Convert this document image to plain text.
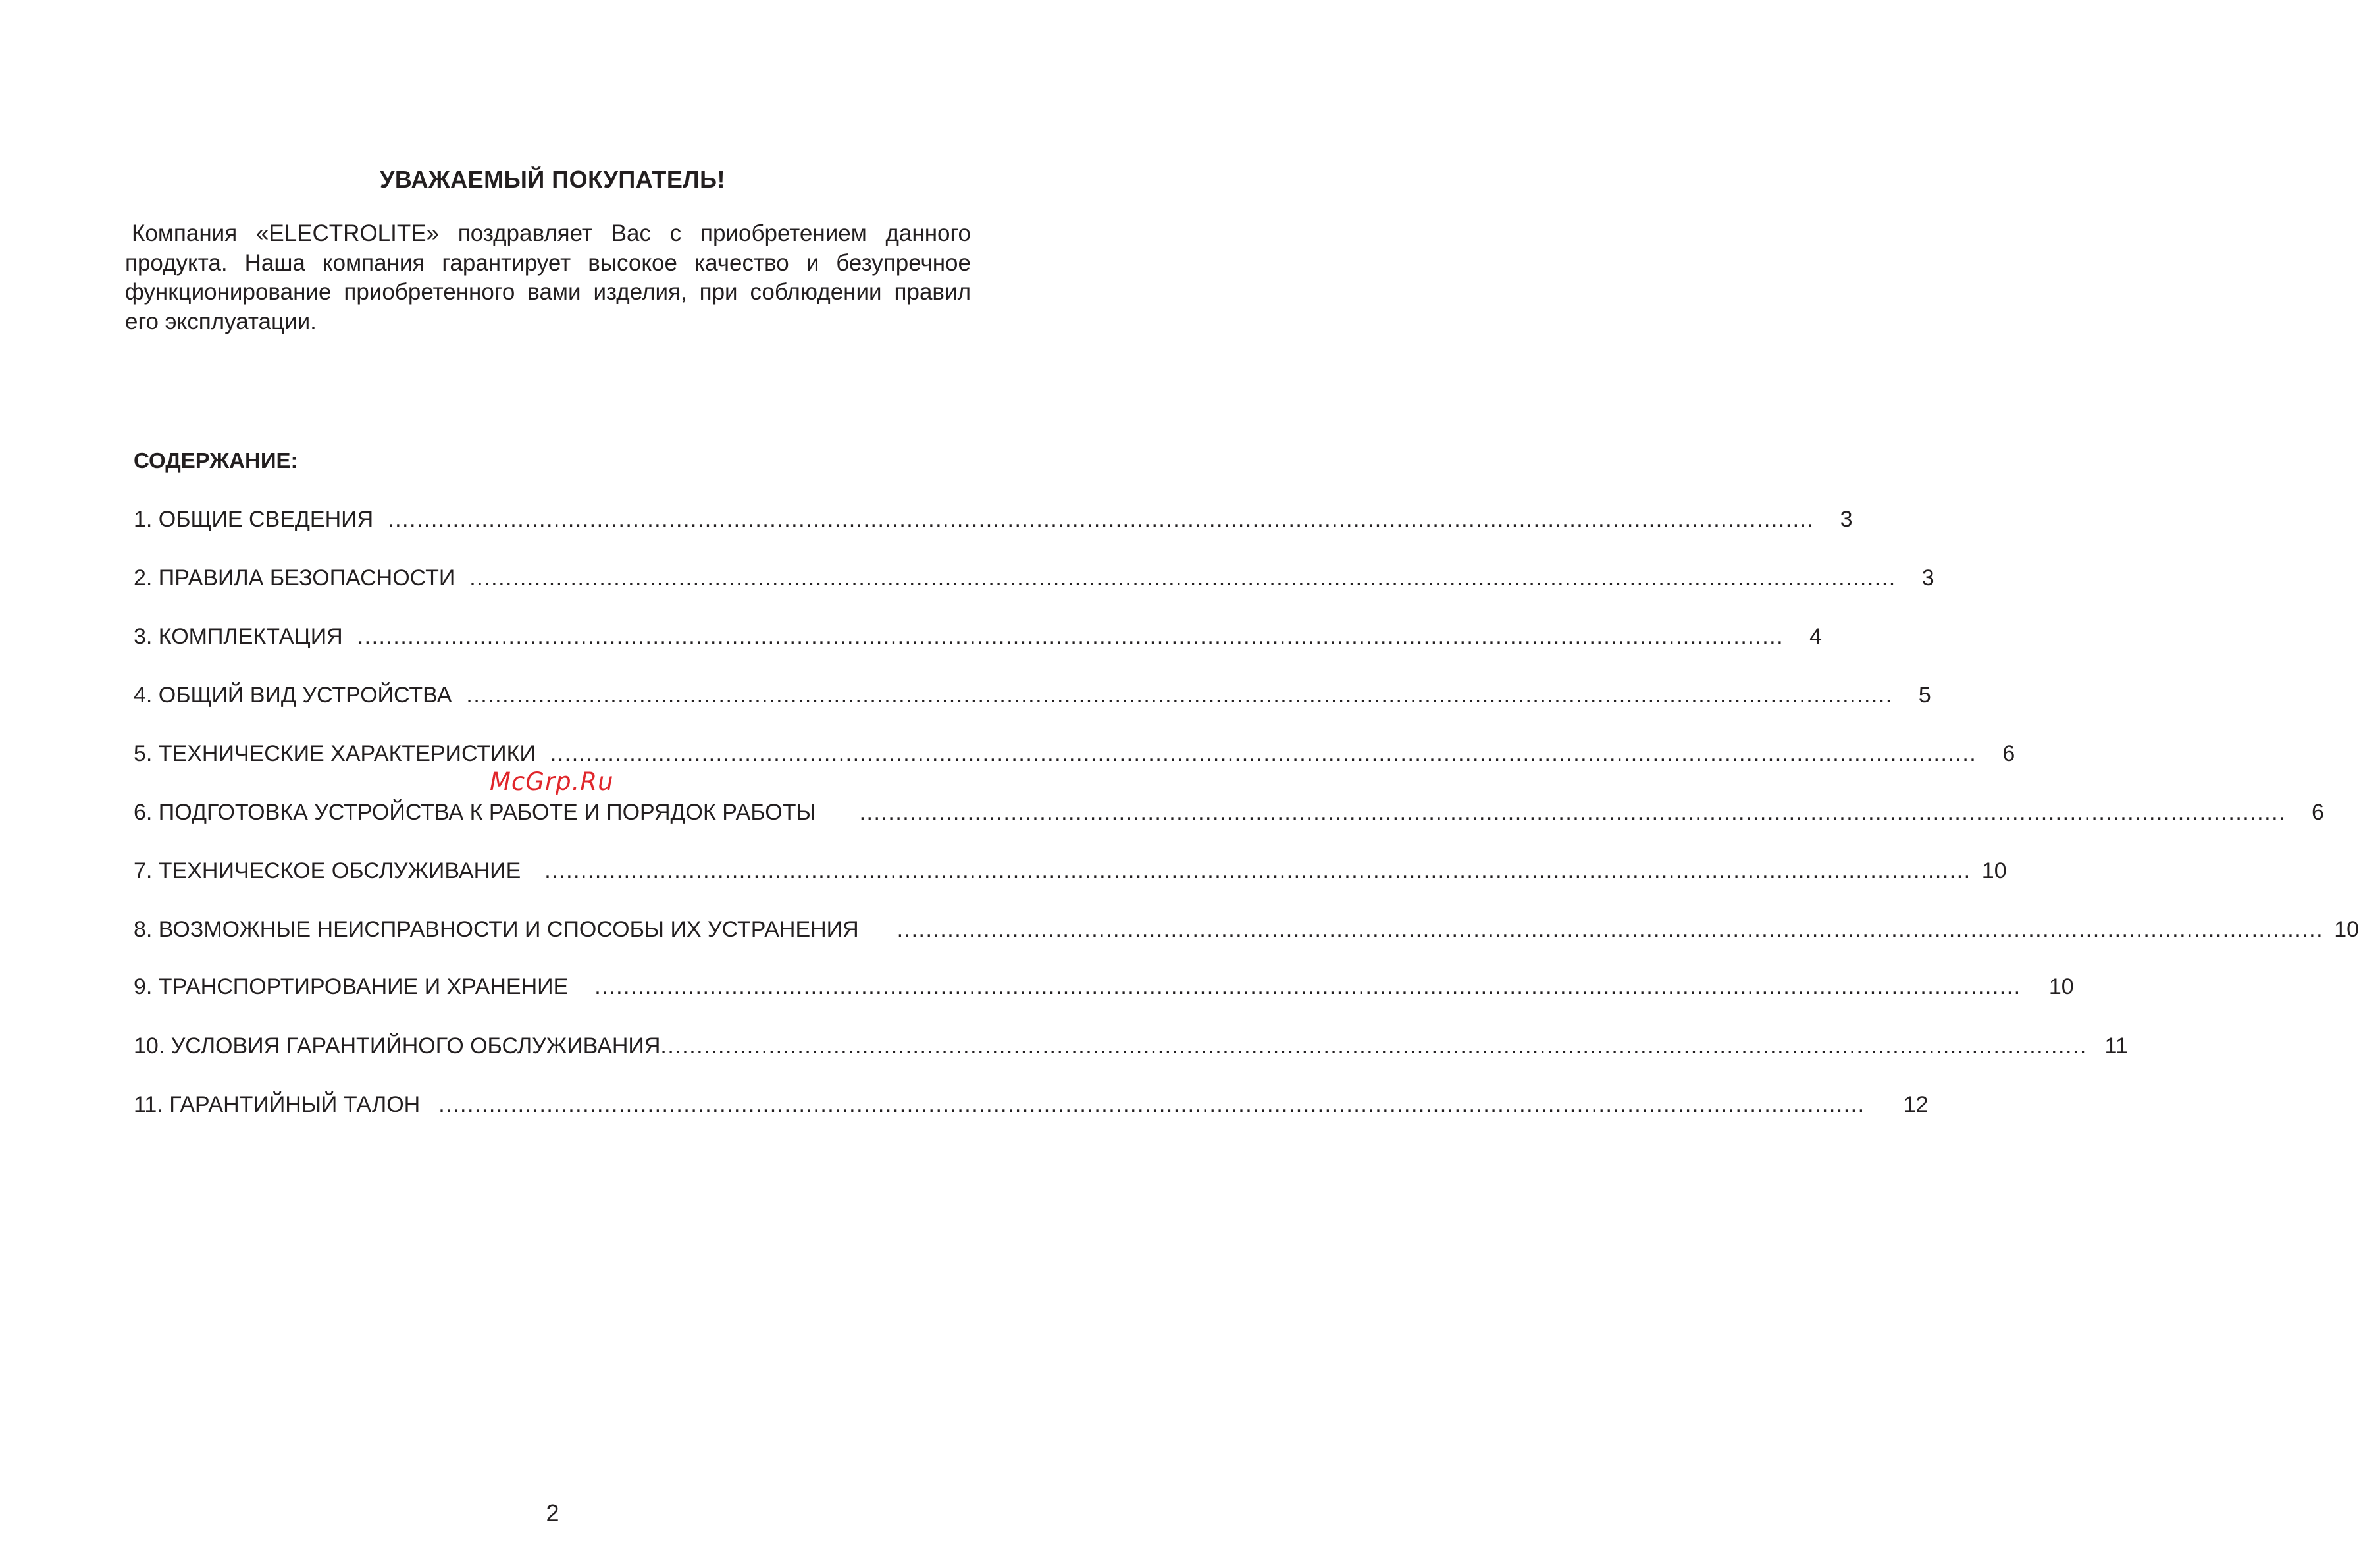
УВАЖАЕМЫЙ ПОКУПАТЕЛЬ!
Компания «ELECTROLITE» поздравляет Вас с приобретением данного продукта. Наша компания гарантирует высокое качество и безупречное функционирование приобретенного вами изделия, при соблюдении правил его эксплуатации.
СОДЕРЖАНИЕ:
1. ОБЩИЕ СВЕДЕНИЯ ......................................................................................................................................................................................................	3
2. ПРАВИЛА БЕЗОПАСНОСТИ ......................................................................................................................................................................................................	3
3. КОМПЛЕКТАЦИЯ ......................................................................................................................................................................................................	4
4. ОБЩИЙ ВИД УСТРОЙСТВА ......................................................................................................................................................................................................	5
5. ТЕХНИЧЕСКИЕ ХАРАКТЕРИСТИКИ ......................................................................................................................................................................................................	6
6. ПОДГОТОВКА УСТРОЙСТВА К РАБОТЕ И ПОРЯДОК РАБОТЫ ......................................................................................................................................................................................................	6
7. ТЕХНИЧЕСКОЕ ОБСЛУЖИВАНИЕ ...................................................................................................................................................................................................... 10
8. ВОЗМОЖНЫЕ НЕИСПРАВНОСТИ И СПОСОБЫ ИХ УСТРАНЕНИЯ ...................................................................................................................................................................................................... 10
9. ТРАНСПОРТИРОВАНИЕ И ХРАНЕНИЕ ...................................................................................................................................................................................................... 10
10. УСЛОВИЯ ГАРАНТИЙНОГО ОБСЛУЖИВАНИЯ ...................................................................................................................................................................................................... 11
11. ГАРАНТИЙНЫЙ ТАЛОН ...................................................................................................................................................................................................... 12
McGrp.Ru
2
